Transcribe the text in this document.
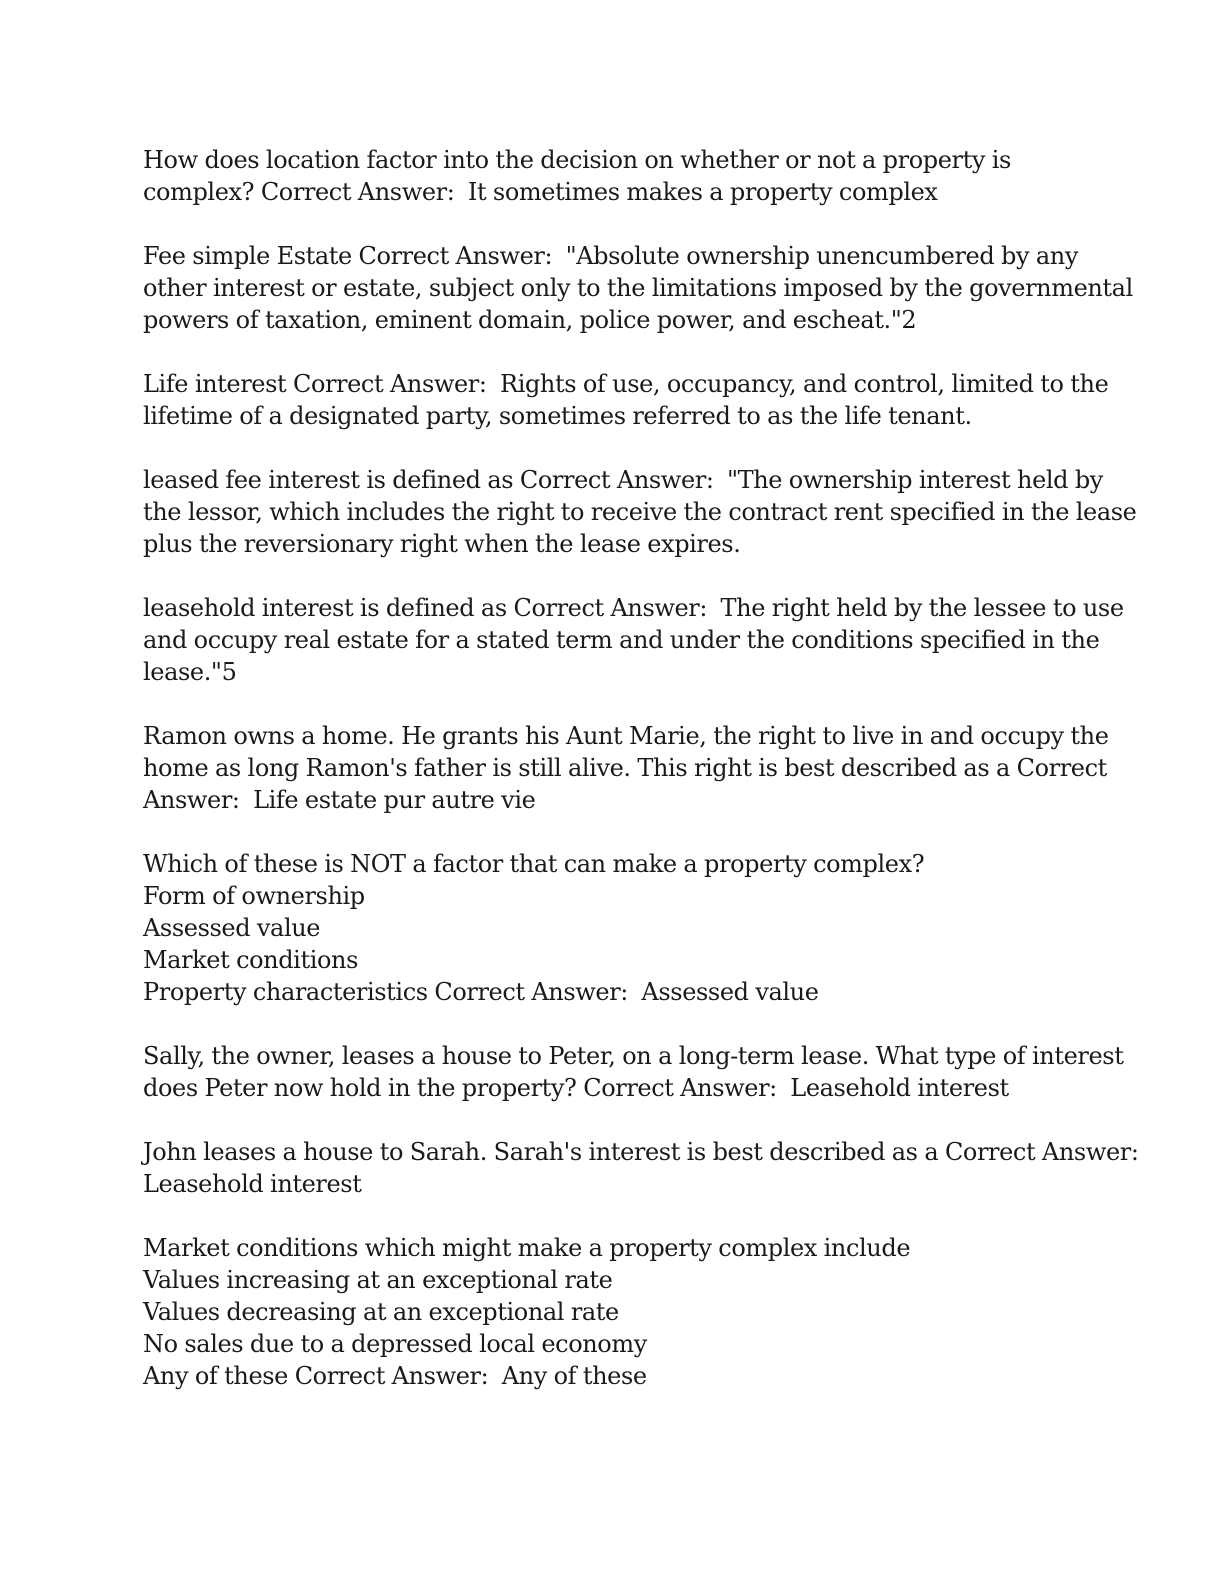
How does location factor into the decision on whether or not a property is
complex? Correct Answer:  It sometimes makes a property complex
Fee simple Estate Correct Answer:  "Absolute ownership unencumbered by any
other interest or estate, subject only to the limitations imposed by the governmental
powers of taxation, eminent domain, police power, and escheat."2
Life interest Correct Answer:  Rights of use, occupancy, and control, limited to the
lifetime of a designated party, sometimes referred to as the life tenant.
leased fee interest is defined as Correct Answer:  "The ownership interest held by
the lessor, which includes the right to receive the contract rent specified in the lease
plus the reversionary right when the lease expires.
leasehold interest is defined as Correct Answer:  The right held by the lessee to use
and occupy real estate for a stated term and under the conditions specified in the
lease."5
Ramon owns a home. He grants his Aunt Marie, the right to live in and occupy the
home as long Ramon's father is still alive. This right is best described as a Correct
Answer:  Life estate pur autre vie
Which of these is NOT a factor that can make a property complex?
Form of ownership
Assessed value
Market conditions
Property characteristics Correct Answer:  Assessed value
Sally, the owner, leases a house to Peter, on a long-term lease. What type of interest
does Peter now hold in the property? Correct Answer:  Leasehold interest
John leases a house to Sarah. Sarah's interest is best described as a Correct Answer:
Leasehold interest
Market conditions which might make a property complex include
Values increasing at an exceptional rate
Values decreasing at an exceptional rate
No sales due to a depressed local economy
Any of these Correct Answer:  Any of these
